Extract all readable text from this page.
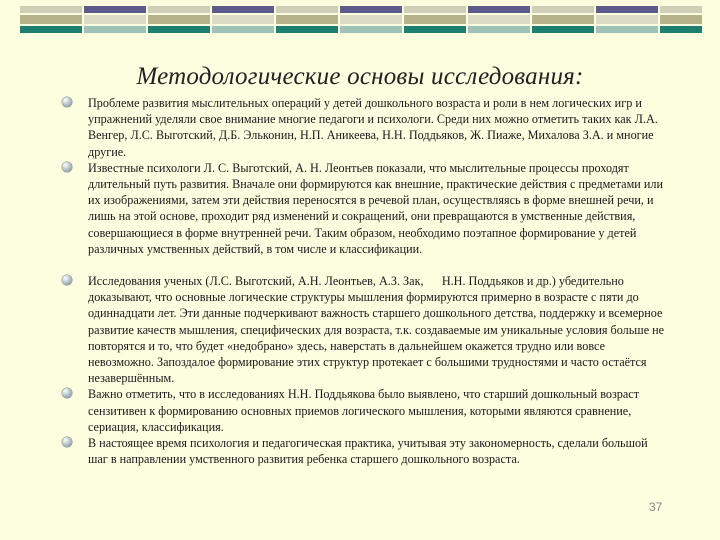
Методологические основы исследования:
Проблеме развития мыслительных операций у детей дошкольного возраста и роли в нем логических игр и упражнений уделяли свое внимание многие педагоги и психологи. Среди них можно отметить таких как Л.А. Венгер, Л.С. Выготский, Д.Б. Эльконин, Н.П. Аникеева, Н.Н. Поддьяков, Ж. Пиаже, Михалова З.А. и многие другие.
Известные психологи Л. С. Выготский, А. Н. Леонтьев показали, что мыслительные процессы проходят длительный путь развития. Вначале они формируются как внешние, практические действия с предметами или их изображениями, затем эти действия переносятся в речевой план, осуществляясь в форме внешней речи, и лишь на этой основе, проходит ряд изменений и сокращений, они превращаются в умственные действия, совершающиеся в форме внутренней речи. Таким образом, необходимо поэтапное формирование у детей различных умственных действий, в том числе и классификации.
Исследования ученых (Л.С. Выготский, А.Н. Леонтьев, А.З. Зак,      Н.Н. Поддьяков и др.) убедительно доказывают, что основные логические структуры мышления формируются примерно в возрасте с пяти до одиннадцати лет. Эти данные подчеркивают важность старшего дошкольного детства, поддержку и всемерное развитие качеств мышления, специфических для возраста, т.к. создаваемые им уникальные условия больше не повторятся и то, что будет «недобрано» здесь, наверстать в дальнейшем окажется трудно или вовсе невозможно. Запоздалое формирование этих структур протекает с большими трудностями и часто остаётся незавершённым.
Важно отметить, что в исследованиях Н.Н. Поддьякова было выявлено, что старший дошкольный возраст сензитивен к формированию основных приемов логического мышления, которыми являются сравнение, сериация, классификация.
В настоящее время психология и педагогическая практика, учитывая эту закономерность, сделали большой шаг в направлении умственного развития ребенка старшего дошкольного возраста.
37
